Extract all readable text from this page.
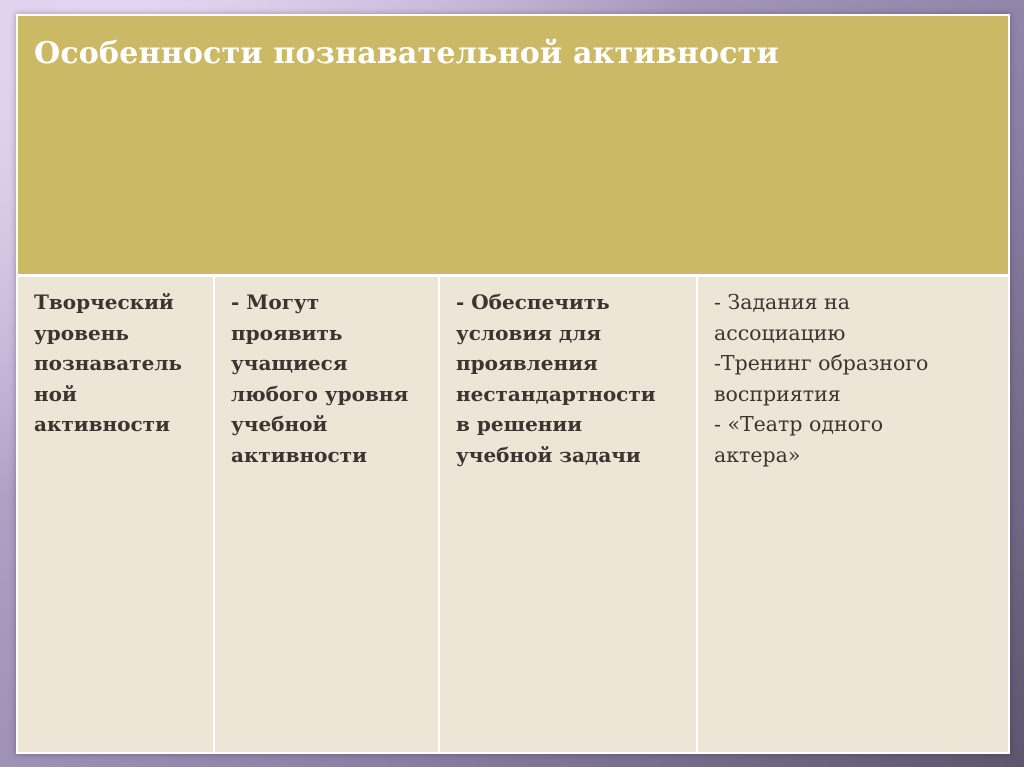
Особенности познавательной активности
Творческий
уровень
познаватель
ной
активности
- Могут
проявить
учащиеся
любого уровня
учебной
активности
- Обеспечить
условия для
проявления
нестандартности
в решении
учебной задачи
- Задания на
ассоциацию
-Тренинг образного
восприятия
- «Театр одного
актера»
